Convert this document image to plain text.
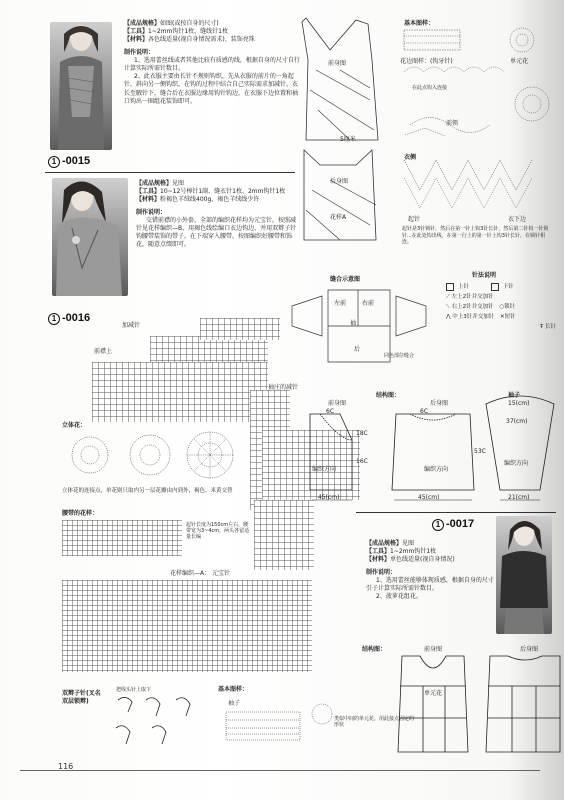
【成品规格】如图(或按自身的尺寸)
【工具】1~2mm钩针1枚、缝线针1枚
【材料】各色线适量(视自身情况需求)、装饰亮珠
制作说明：
1、选用蕾丝线或者其他比较有质感的线，根据自身的尺寸自行计算实际所需针数目。
2、此衣服主要由长针不规则钩织，先从衣服的前片的一角起针，斜向另一侧钩织，在钩的过程中结合自己实际需求加减针。衣长至腋针下，缝合后在衣服边缘用钩针钩边，在衣服下边位置和袖口钩出一圈组花装饰即可。
1 -0015
前身图
5厘米
后身图
花样A
基本图样：
花边图样：(钩牙针)	单元花
在此点钩入连接
前领
衣侧
起针	衣下边
起针是3针锁针，然后在第一针上钩3针长针，然后第二针钩一针锁针...在此处钩出线，在第一行上的第一针上钩3针长针，在锁针相连。
【成品规格】见图
【工具】10~12号棒针1副、缝衣针1枚、2mm钩针1枚
【材料】粉褐色羊绒线400g、褐色羊绒线少许
制作说明：
交错前襟的小外套，全部的编织花样均为元宝针，按照减针见花样编织—B，用褐色线绘编口衣边钩边，并用双辫子针钩腰带装饰的带子，在下端穿入腰带。按图编织好腰带和饰花，随意点缀即可。
1 -0016
加减针
前襟上
袖庄的减针
立体花：
立体花的连接点，单花则只取内另一层花瓣由内到外，褐色、米黄交替
腰带的花样：
起针长度为150cm左右，腰带宽为3~4cm，两头各留适量长编
花样编织—A： 元宝针
双辫子针(叉名双层锁辫)
把线头针上取下	基本图样：
袖子
类似中间的单元花，用此接点固定的形状
缝合示意图
左前	右前
袖
后
同色部位缝合
针法说明
上针	下针
⟋ 左上2针并交加针
⟍ 右上2针并交加针 ○锁针
⋀ 中上3针并交加针 ✕短针
Ŧ 长针
结构图：
前身图	后身图
袖子
6C	6C
18C
16C
53C
编织方向	编织方向
编织方向
45(cm)	45(cm)
15(cm)
37(cm)
21(cm)
1 -0017
【成品规格】见图
【工具】1~2mm钩针1枚
【材料】单色线适量(视自身情况)
制作说明：
1、选用蕾丝能够体现质感，根据自身的尺寸引子计算实际所需针数目。
2、菠萝花组花。
结构图：	前身图	后身图
单元花
116
